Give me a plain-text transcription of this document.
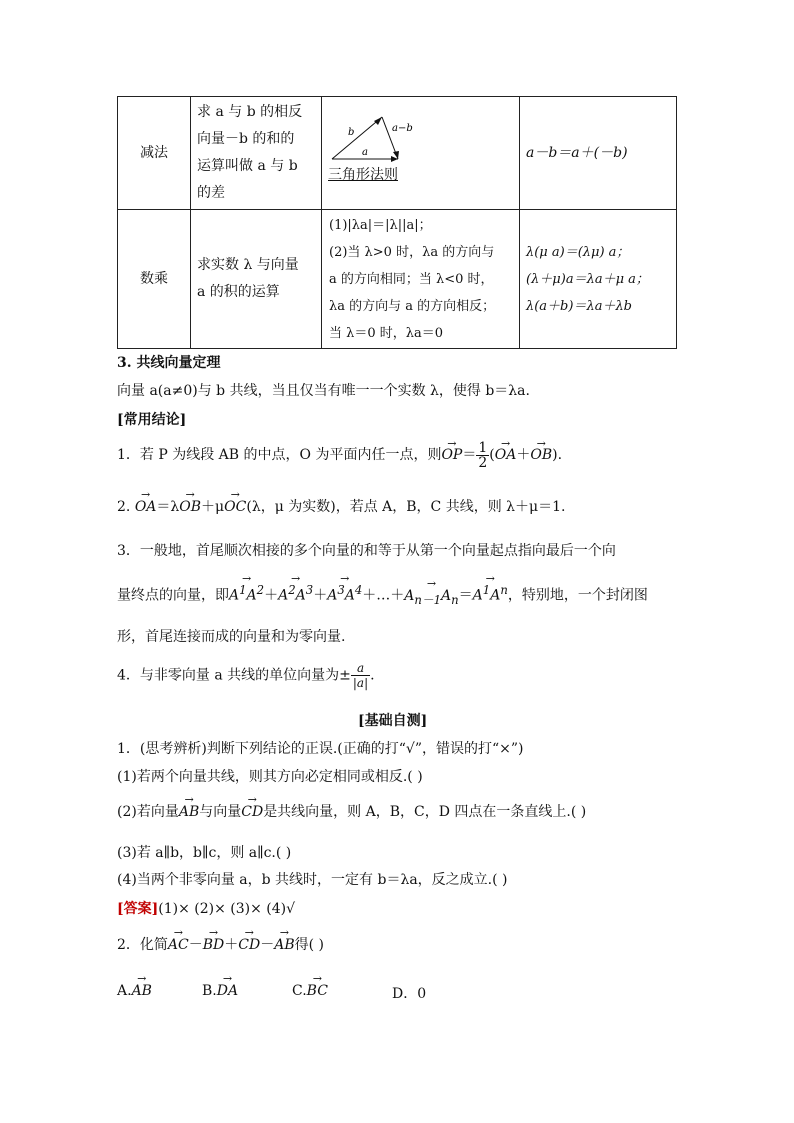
减法	
求 a 与 b 的相反
向量－b 的和的
运算叫做 a 与 b
的差

b	a−b
a
三角形法则
	a－b＝a＋(－b)
数乘	
求实数 λ 与向量
a 的积的运算

(1)|λa|＝|λ||a|；
(2)当 λ>0 时，λa 的方向与
a 的方向相同；当 λ<0 时，
λa 的方向与 a 的方向相反；
当 λ＝0 时，λa＝0

λ(μ a)＝(λμ) a；
(λ＋μ)a＝λa＋μ a；
λ(a＋b)＝λa＋λb
3. 共线向量定理
向量 a(a≠0)与 b 共线，当且仅当有唯一一个实数 λ，使得 b＝λa.
[常用结论]
1．若 P 为线段 AB 的中点，O 为平面内任一点，则→ $OP= \frac{1}{2}$ (→ OA＋→ OB).
2. → OA＝λ→ OB＋μ→ OC(λ，μ 为实数)，若点 A，B，C 共线，则 λ＋μ＝1.
3．一般地，首尾顺次相接的多个向量的和等于从第一个向量起点指向最后一个向
量终点的向量，即→ $A^1A^2+\to A^2A^3+\to$ $A^3A^4+\dots+\to A_{n-1}A_n=\to A^1A^n$，特别地，一个封闭图
形，首尾连接而成的向量和为零向量.
4．与非零向量 a 共线的单位向量为± $\frac{a}{|a|}$ .
[基础自测]
1．(思考辨析)判断下列结论的正误.(正确的打“√”，错误的打“×”)
(1)若两个向量共线，则其方向必定相同或相反.( )
(2)若向量→ AB与向量→ CD是共线向量，则 A，B，C，D 四点在一条直线上.( )
(3)若 a∥b，b∥c，则 a∥c.( )
(4)当两个非零向量 a，b 共线时，一定有 b＝λa，反之成立.( )
[答案](1)× (2)× (3)× (4)√
2．化简→ AC－→ BD＋→ CD－→ AB得( )
A.→ AB	B.→ DA	C.→ BC	D．0
